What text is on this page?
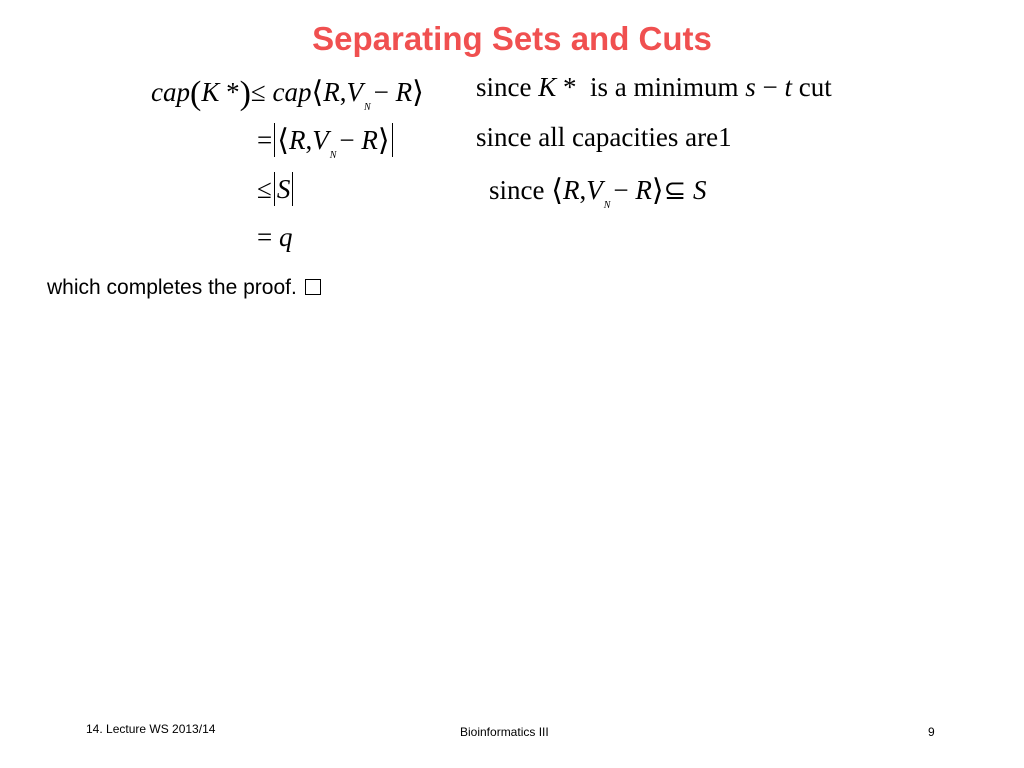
Separating Sets and Cuts
cap(K *)≤ $cap⟨R,V_N-$ R⟩ since K * is a minimum s − t cut
= $⟨R,V_N-$ R⟩	since all capacities are1
≤ S	since $⟨R,V_N-$ R⟩⊆ S
= q
which completes the proof.
14. Lecture WS 2013/14	Bioinformatics III	9
